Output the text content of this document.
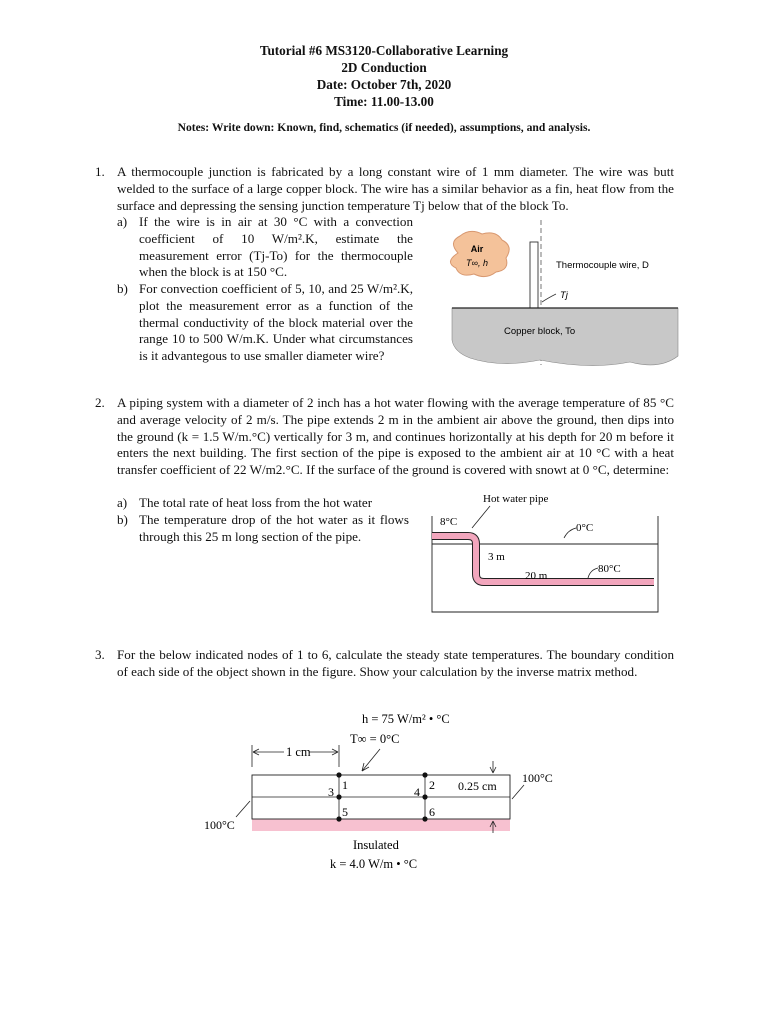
Tutorial #6 MS3120-Collaborative Learning
2D Conduction
Date: October 7th, 2020
Time: 11.00-13.00
Notes: Write down: Known, find, schematics (if needed), assumptions, and analysis.
1. A thermocouple junction is fabricated by a long constant wire of 1 mm diameter. The wire was butt welded to the surface of a large copper block. The wire has a similar behavior as a fin, heat flow from the surface and depressing the sensing junction temperature Tj below that of the block To.
a) If the wire is in air at 30 °C with a convection coefficient of 10 W/m².K, estimate the measurement error (Tj-To) for the thermocouple when the block is at 150 °C.
b) For convection coefficient of 5, 10, and 25 W/m².K, plot the measurement error as a function of the thermal conductivity of the block material over the range 10 to 500 W/m.K. Under what circumstances is it advantegous to use smaller diameter wire?
Air
T∞, h	Thermocouple wire, D
Tj
Copper block, To
2. A piping system with a diameter of 2 inch has a hot water flowing with the average temperature of 85 °C and average velocity of 2 m/s. The pipe extends 2 m in the ambient air above the ground, then dips into the ground (k = 1.5 W/m.°C) vertically for 3 m, and continues horizontally at his depth for 20 m before it enters the next building. The first section of the pipe is exposed to the ambient air at 10 °C with a heat transfer coefficient of 22 W/m2.°C. If the surface of the ground is covered with snowt at 0 °C, determine:
a) The total rate of heat loss from the hot water
b) The temperature drop of the hot water as it flows through this 25 m long section of the pipe.
Hot water pipe
8°C	0°C
3 m
20 m
80°C
3. For the below indicated nodes of 1 to 6, calculate the steady state temperatures. The boundary condition of each side of the object shown in the figure. Show your calculation by the inverse matrix method.
h = 75 W/m² • °C
T∞ = 0°C
1 cm
1	2
3	4
5	6
0.25 cm
100°C
100°C
Insulated
k = 4.0 W/m • °C
